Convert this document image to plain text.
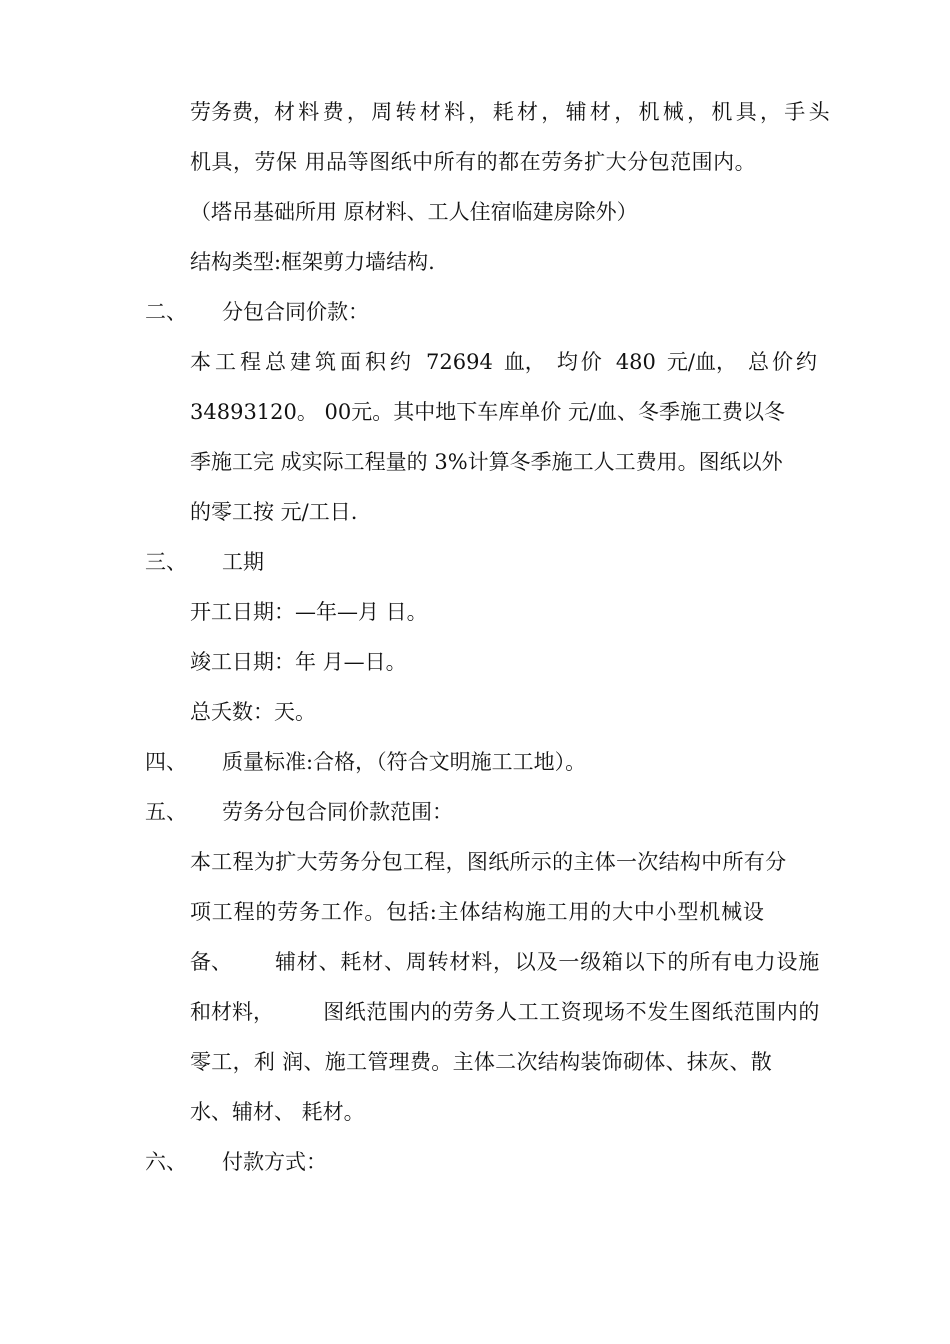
劳务费， 材料费，周转材料，耗材，辅材，机械，机具，手头
机具，劳保 用品等图纸中所有的都在劳务扩大分包范围内。
（塔吊基础所用 原材料、工人住宿临建房除外）
结构类型:框架剪力墙结构.
二、 分包合同价款：
本工程总建筑面积约 72694 血， 均价 480 元/血， 总价约
34893120。 00元。其中地下车库单价 元/血、冬季施工费以冬
季施工完 成实际工程量的 3%计算冬季施工人工费用。图纸以外
的零工按 元/工日.
三、 工期
开工日期：—年—月 日。
竣工日期：年 月—日。
总夭数：天。
四、 质量标准:合格，（符合文明施工工地）。
五、 劳务分包合同价款范围：
本工程为扩大劳务分包工程，图纸所示的主体一次结构中所有分
项工程的劳务工作。包括:主体结构施工用的大中小型机械设
备、 辅材、耗材、周转材料，以及一级箱以下的所有电力设施
和材料， 图纸范围内的劳务人工工资现场不发生图纸范围内的
零工，利 润、施工管理费。主体二次结构装饰砌体、抹灰、散
水、辅材、 耗材。
六、 付款方式：
